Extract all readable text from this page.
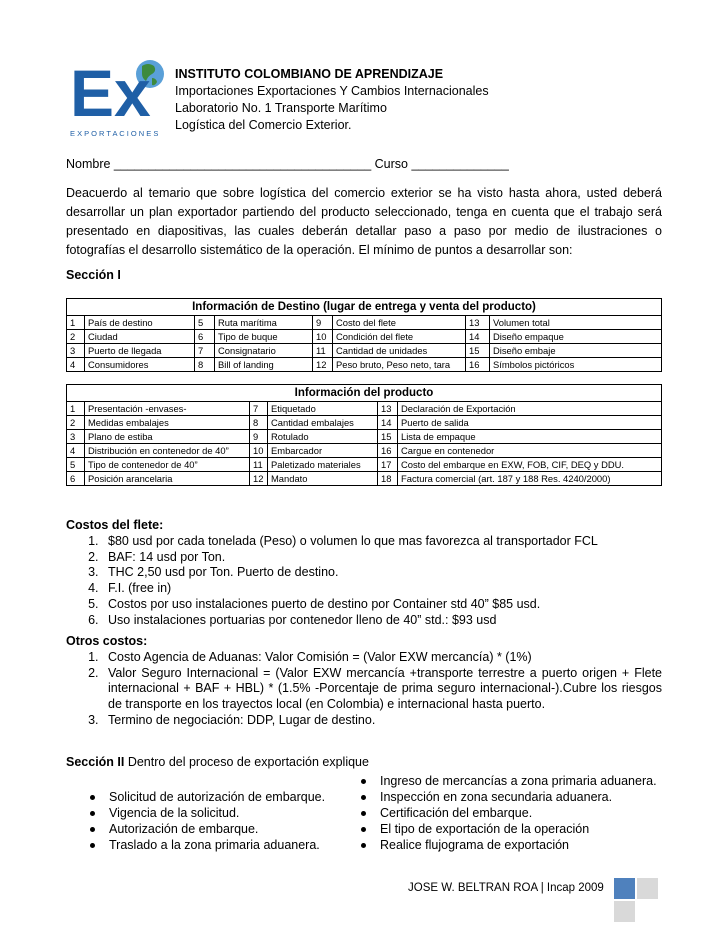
Ex
E X P O R T A C I O N E S
INSTITUTO COLOMBIANO DE APRENDIZAJE
Importaciones Exportaciones Y Cambios Internacionales
Laboratorio No. 1 Transporte Marítimo
Logística del Comercio Exterior.
Nombre _____________________________________ Curso ______________
Deacuerdo al temario que sobre logística del comercio exterior se ha visto hasta ahora, usted deberá desarrollar un plan exportador partiendo del producto seleccionado, tenga en cuenta que el trabajo será presentado en diapositivas, las cuales deberán detallar paso a paso por medio de ilustraciones o fotografías el desarrollo sistemático de la operación. El mínimo de puntos a desarrollar son:
Sección I
Información de Destino (lugar de entrega y venta del producto)							
1	País de destino	5	Ruta marítima	9	Costo del flete	13	Volumen total
2	Ciudad	6	Tipo de buque	10	Condición del flete	14	Diseño empaque
3	Puerto de llegada	7	Consignatario	11	Cantidad de unidades	15	Diseño embaje
4	Consumidores	8	Bill of landing	12	Peso bruto, Peso neto, tara	16	Símbolos pictóricos
Información del producto					
1	Presentación -envases-	7	Etiquetado	13	Declaración de Exportación
2	Medidas embalajes	8	Cantidad embalajes	14	Puerto de salida
3	Plano de estiba	9	Rotulado	15	Lista de empaque
4	Distribución en contenedor de 40”	10	Embarcador	16	Cargue en contenedor
5	Tipo de contenedor de 40”	11	Paletizado materiales	17	Costo del embarque en EXW, FOB, CIF, DEQ y DDU.
6	Posición arancelaria	12	Mandato	18	Factura comercial (art. 187 y 188 Res. 4240/2000)
Costos del flete:
1. $80 usd por cada tonelada (Peso) o volumen lo que mas favorezca al transportador FCL
2. BAF: 14 usd por Ton.
3. THC 2,50 usd por Ton. Puerto de destino.
4. F.I. (free in)
5. Costos por uso instalaciones puerto de destino por Container std 40” $85 usd.
6. Uso instalaciones portuarias por contenedor lleno de 40” std.: $93 usd
Otros costos:
1. Costo Agencia de Aduanas: Valor Comisión = (Valor EXW mercancía) * (1%)
2. Valor Seguro Internacional = (Valor EXW mercancía +transporte terrestre a puerto origen + Flete internacional + BAF + HBL) * (1.5% -Porcentaje de prima seguro internacional-).Cubre los riesgos de transporte en los trayectos local (en Colombia) e internacional hasta puerto.
3. Termino de negociación: DDP, Lugar de destino.
Sección II Dentro del proceso de exportación explique
Solicitud de autorización de embarque.
Vigencia de la solicitud.
Autorización de embarque.
Traslado a la zona primaria aduanera.
Ingreso de mercancías a zona primaria aduanera.
Inspección en zona secundaria aduanera.
Certificación del embarque.
El tipo de exportación de la operación
Realice flujograma de exportación
JOSE W. BELTRAN ROA | Incap 2009
